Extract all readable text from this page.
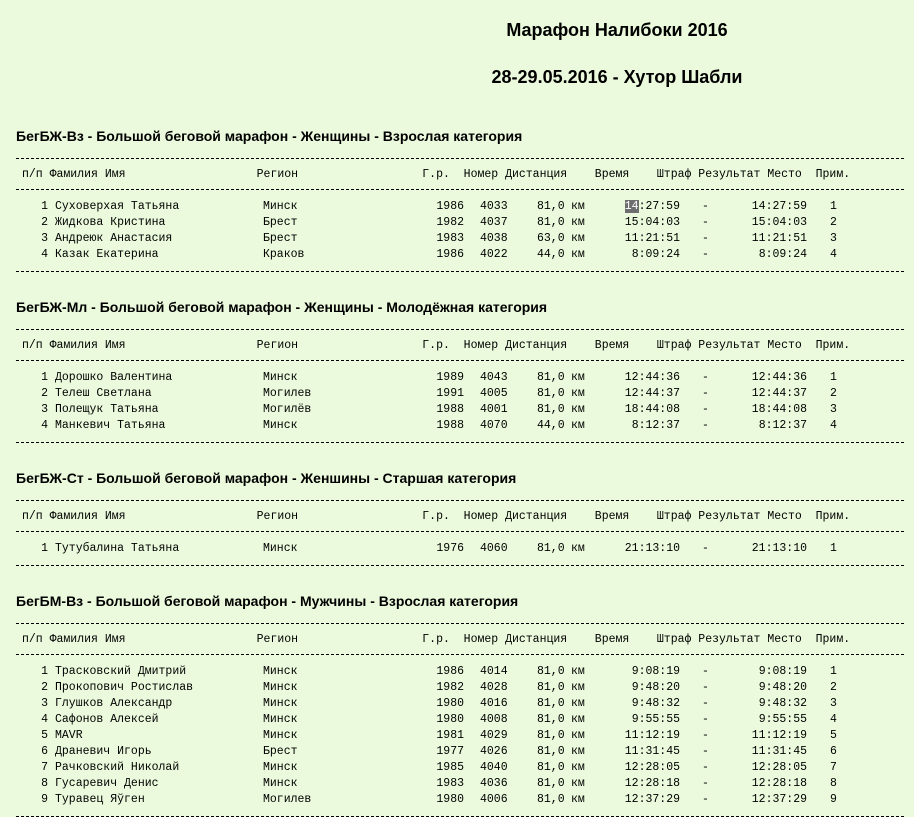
Марафон Налибоки 2016
28-29.05.2016 - Хутор Шабли
БегБЖ-Вз - Большой беговой марафон - Женщины - Взрослая категория
п/п Фамилия Имя                   Регион                  Г.р.  Номер Дистанция    Время    Штраф Результат Место  Прим.
1 Суховерхая Татьяна	Минск	1986 4033	81,0 км	14:27:59 -	14:27:59 1
2 Жидкова Кристина	Брест	1982 4037	81,0 км	15:04:03 -	15:04:03 2
3 Андреюк Анастасия	Брест	1983 4038	63,0 км	11:21:51 -	11:21:51 3
4 Казак Екатерина	Краков	1986 4022	44,0 км	8:09:24 -	8:09:24 4
БегБЖ-Мл - Большой беговой марафон - Женщины - Молодёжная категория
п/п Фамилия Имя                   Регион                  Г.р.  Номер Дистанция    Время    Штраф Результат Место  Прим.
1 Дорошко Валентина	Минск	1989 4043	81,0 км	12:44:36 -	12:44:36 1
2 Телеш Светлана	Могилев	1991 4005	81,0 км	12:44:37 -	12:44:37 2
3 Полещук Татьяна	Могилёв	1988 4001	81,0 км	18:44:08 -	18:44:08 3
4 Манкевич Татьяна	Минск	1988 4070	44,0 км	8:12:37 -	8:12:37 4
БегБЖ-Ст - Большой беговой марафон - Женшины - Старшая категория
п/п Фамилия Имя                   Регион                  Г.р.  Номер Дистанция    Время    Штраф Результат Место  Прим.
1 Тутубалина Татьяна	Минск	1976 4060	81,0 км	21:13:10 -	21:13:10 1
БегБМ-Вз - Большой беговой марафон - Мужчины - Взрослая категория
п/п Фамилия Имя                   Регион                  Г.р.  Номер Дистанция    Время    Штраф Результат Место  Прим.
1 Трасковский Дмитрий	Минск	1986 4014	81,0 км	9:08:19 -	9:08:19 1
2 Прокопович Ростислав	Минск	1982 4028	81,0 км	9:48:20 -	9:48:20 2
3 Глушков Александр	Минск	1980 4016	81,0 км	9:48:32 -	9:48:32 3
4 Сафонов Алексей	Минск	1980 4008	81,0 км	9:55:55 -	9:55:55 4
5 MAVR	Минск	1981 4029	81,0 км	11:12:19 -	11:12:19 5
6 Драневич Игорь	Брест	1977 4026	81,0 км	11:31:45 -	11:31:45 6
7 Рачковский Николай	Минск	1985 4040	81,0 км	12:28:05 -	12:28:05 7
8 Гусаревич Денис	Минск	1983 4036	81,0 км	12:28:18 -	12:28:18 8
9 Туравец Яўген	Могилев	1980 4006	81,0 км	12:37:29 -	12:37:29 9
